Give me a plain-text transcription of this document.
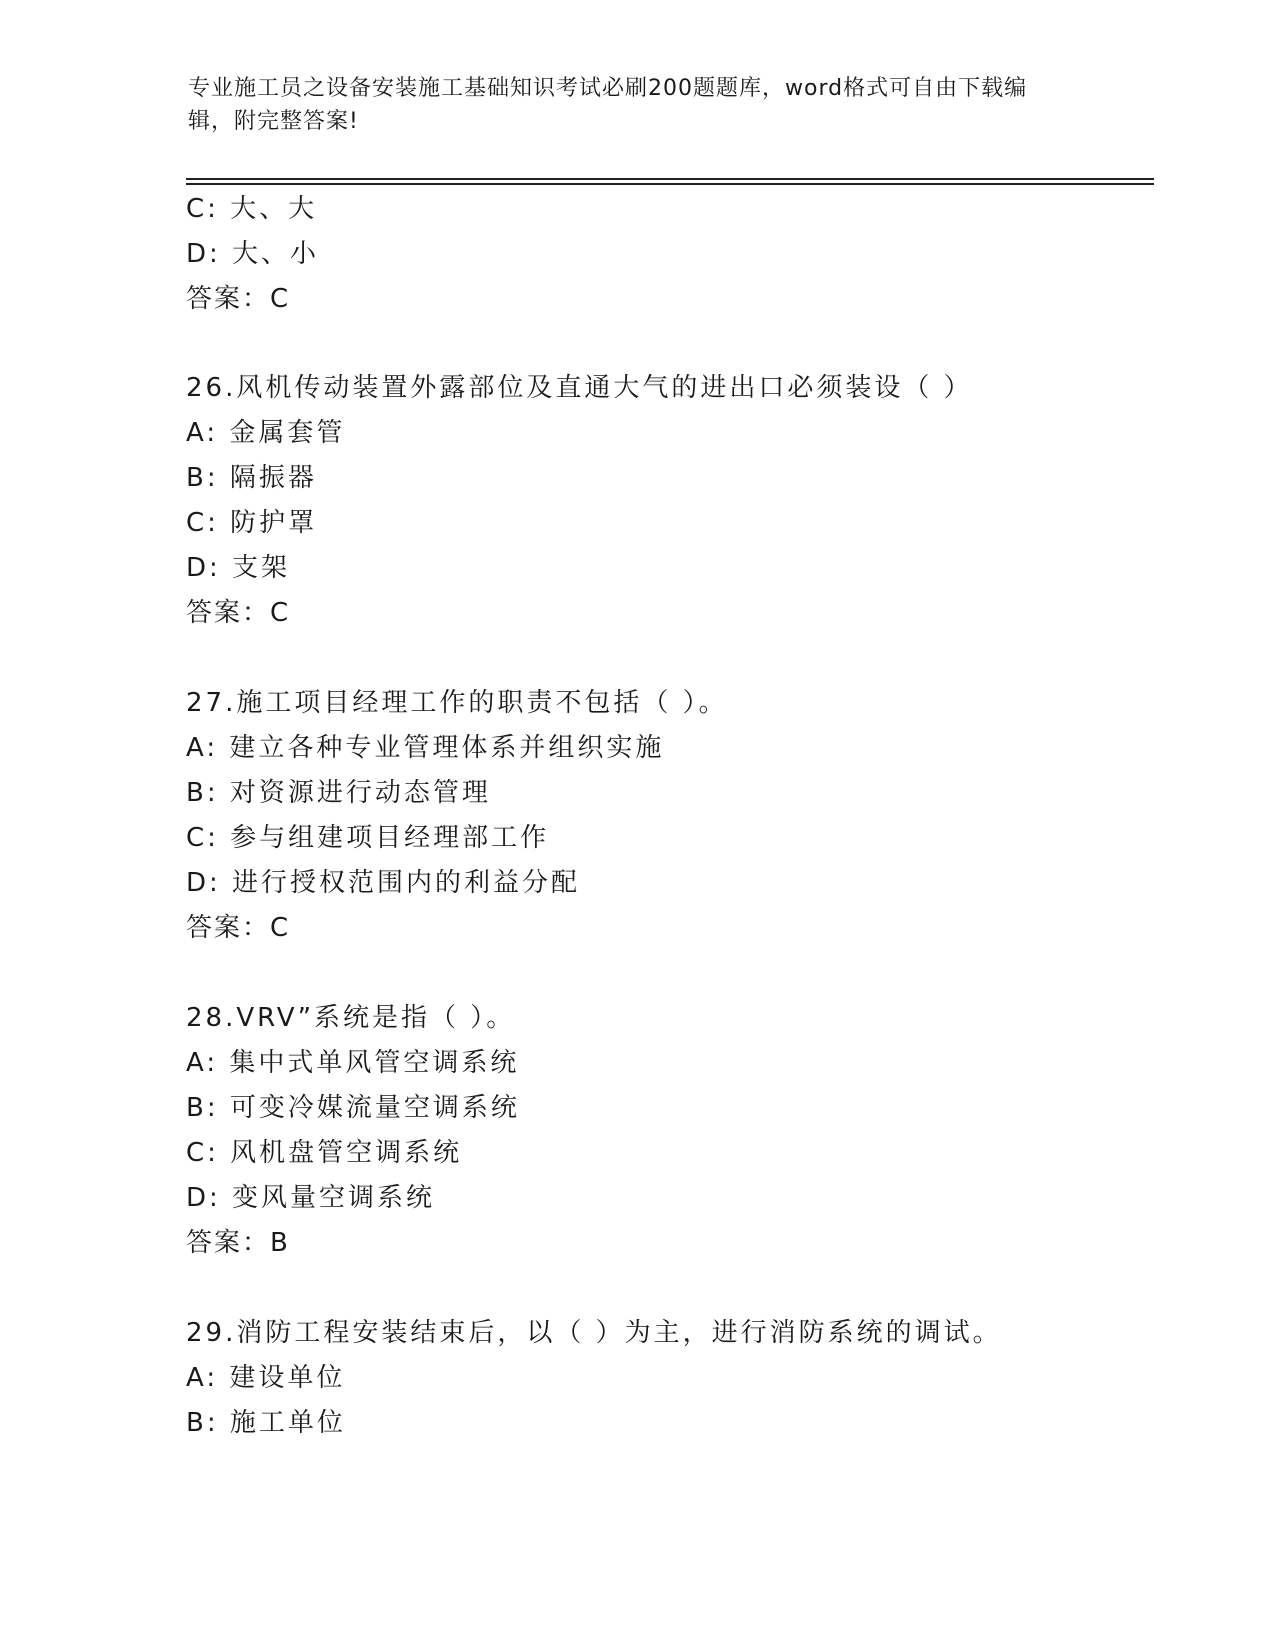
专业施工员之设备安装施工基础知识考试必刷200题题库，word格式可自由下载编辑，附完整答案!
C: 大、大
D: 大、小
答案：C
26.风机传动装置外露部位及直通大气的进出口必须装设（ ）
A: 金属套管
B: 隔振器
C: 防护罩
D: 支架
答案：C
27.施工项目经理工作的职责不包括（ ）。
A: 建立各种专业管理体系并组织实施
B: 对资源进行动态管理
C: 参与组建项目经理部工作
D: 进行授权范围内的利益分配
答案：C
28.VRV”系统是指（ ）。
A: 集中式单风管空调系统
B: 可变冷媒流量空调系统
C: 风机盘管空调系统
D: 变风量空调系统
答案：B
29.消防工程安装结束后，以（ ）为主，进行消防系统的调试。
A: 建设单位
B: 施工单位
